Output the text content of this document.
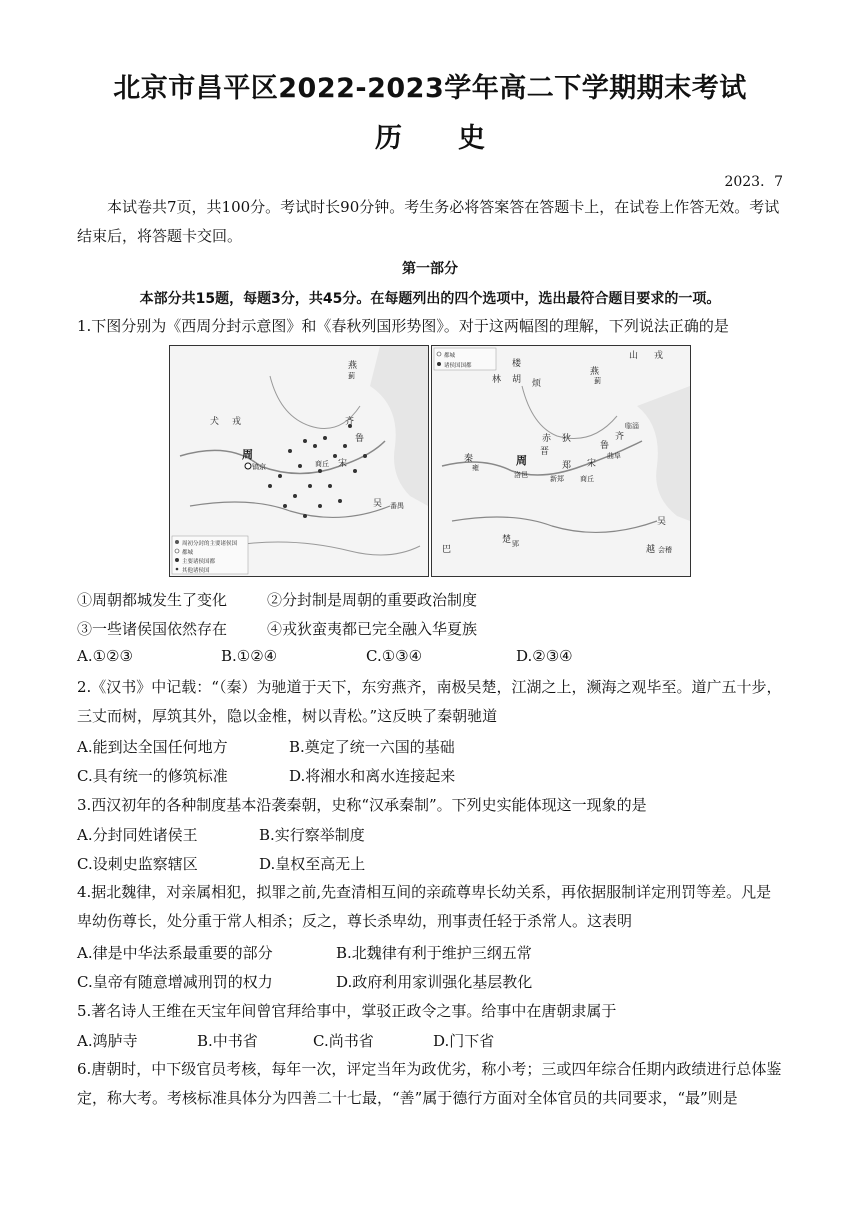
北京市昌平区2022-2023学年高二下学期期末考试
历 史
2023．7
本试卷共7页，共100分。考试时长90分钟。考生务必将答案答在答题卡上，在试卷上作答无效。考试结束后，将答题卡交回。
第一部分
本部分共15题，每题3分，共45分。在每题列出的四个选项中，选出最符合题目要求的一项。
1.下图分别为《西周分封示意图》和《春秋列国形势图》。对于这两幅图的理解，下列说法正确的是
燕
蓟
犬 戎	齐
鲁
周
镐京	商丘 宋
吴 番禺
周初分封的主要诸侯国
都城
主要诸侯国都
其他诸侯国
都城
诸侯国国都
山 戎
楼
林 胡 烦
燕
蓟
赤 狄	齐
临淄
鲁
曲阜
秦
雍
周
洛邑
郑
新郑
宋
商丘
晋
吴
越 会稽
巴
楚 郢
①周朝都城发生了变化	②分封制是周朝的重要政治制度
③一些诸侯国依然存在	④戎狄蛮夷都已完全融入华夏族
A.①②③	B.①②④	C.①③④	D.②③④
2.《汉书》中记载：“（秦）为驰道于天下，东穷燕齐，南极吴楚，江湖之上，濒海之观毕至。道广五十步，三丈而树，厚筑其外，隐以金椎，树以青松。”这反映了秦朝驰道
A.能到达全国任何地方	B.奠定了统一六国的基础
C.具有统一的修筑标准	D.将湘水和离水连接起来
3.西汉初年的各种制度基本沿袭秦朝，史称“汉承秦制”。下列史实能体现这一现象的是
A.分封同姓诸侯王	B.实行察举制度
C.设刺史监察辖区	D.皇权至高无上
4.据北魏律，对亲属相犯，拟罪之前,先查清相互间的亲疏尊卑长幼关系，再依据服制详定刑罚等差。凡是卑幼伤尊长，处分重于常人相杀；反之，尊长杀卑幼，刑事责任轻于杀常人。这表明
A.律是中华法系最重要的部分	B.北魏律有利于维护三纲五常
C.皇帝有随意增减刑罚的权力	D.政府利用家训强化基层教化
5.著名诗人王维在天宝年间曾官拜给事中，掌驳正政令之事。给事中在唐朝隶属于
A.鸿胪寺	B.中书省	C.尚书省	D.门下省
6.唐朝时，中下级官员考核，每年一次，评定当年为政优劣，称小考；三或四年综合任期内政绩进行总体鉴定，称大考。考核标准具体分为四善二十七最，“善”属于德行方面对全体官员的共同要求，“最”则是
